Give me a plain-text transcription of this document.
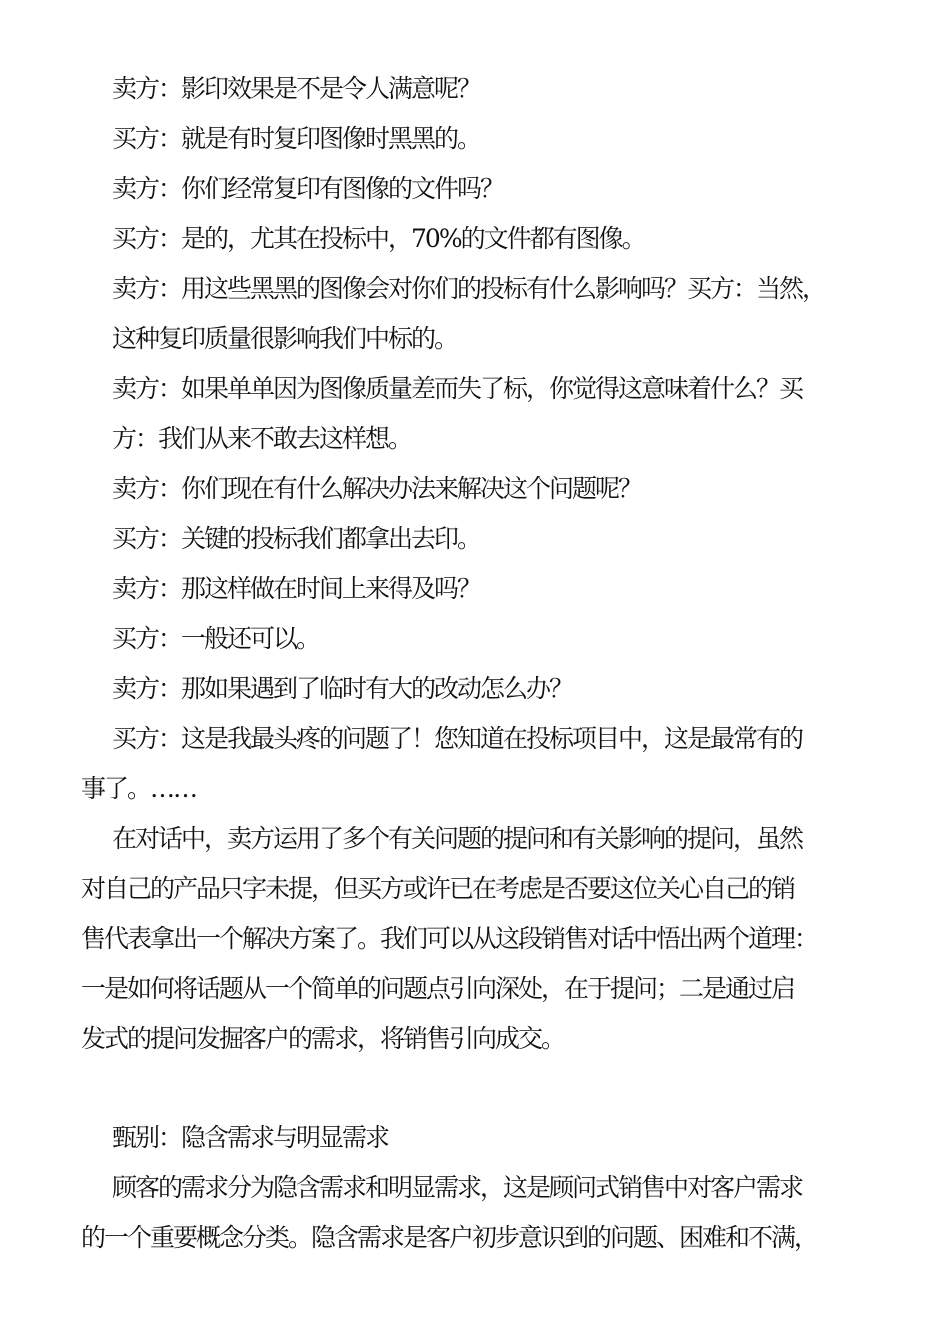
卖方：影印效果是不是令人满意呢？
买方：就是有时复印图像时黑黑的。
卖方：你们经常复印有图像的文件吗？
买方：是的，尤其在投标中，70%的文件都有图像。
卖方：用这些黑黑的图像会对你们的投标有什么影响吗？买方：当然，
这种复印质量很影响我们中标的。
卖方：如果单单因为图像质量差而失了标，你觉得这意味着什么？买
方：我们从来不敢去这样想。
卖方：你们现在有什么解决办法来解决这个问题呢？
买方：关键的投标我们都拿出去印。
卖方：那这样做在时间上来得及吗？
买方：一般还可以。
卖方：那如果遇到了临时有大的改动怎么办？
买方：这是我最头疼的问题了！您知道在投标项目中，这是最常有的
事了。……
在对话中，卖方运用了多个有关问题的提问和有关影响的提问，虽然
对自己的产品只字未提，但买方或许已在考虑是否要这位关心自己的销
售代表拿出一个解决方案了。我们可以从这段销售对话中悟出两个道理：
一是如何将话题从一个简单的问题点引向深处，在于提问；二是通过启
发式的提问发掘客户的需求，将销售引向成交。
甄别：隐含需求与明显需求
顾客的需求分为隐含需求和明显需求，这是顾问式销售中对客户需求
的一个重要概念分类。隐含需求是客户初步意识到的问题、困难和不满，
